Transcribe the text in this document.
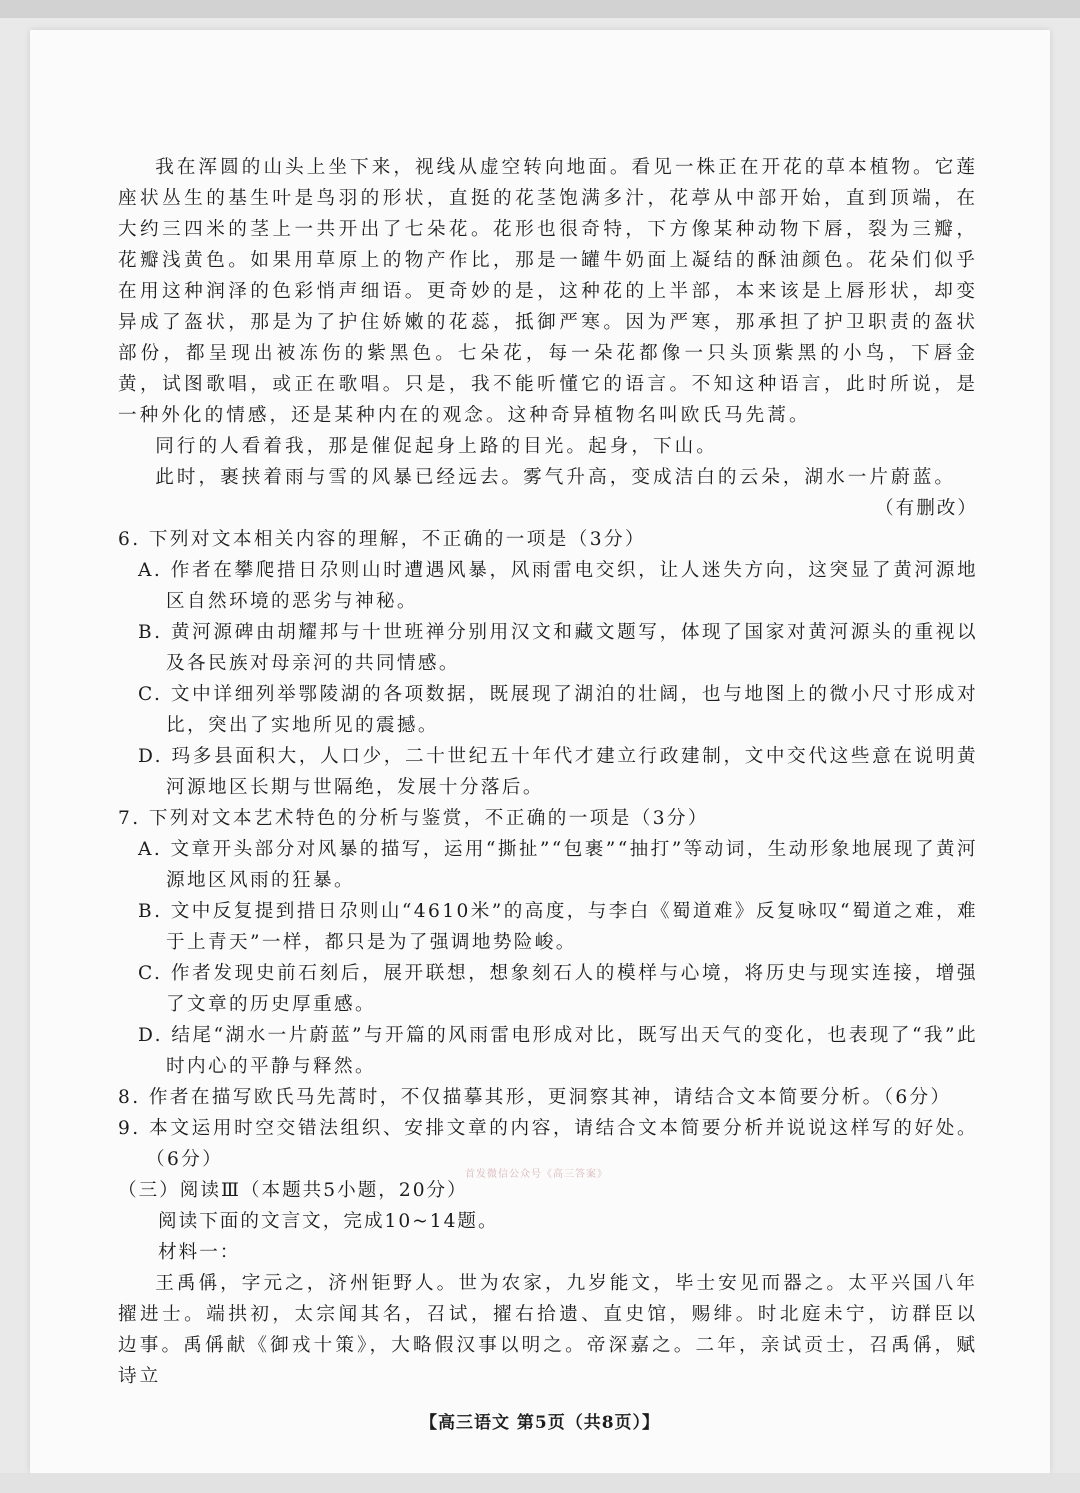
我在浑圆的山头上坐下来，视线从虚空转向地面。看见一株正在开花的草本植物。它莲座状丛生的基生叶是鸟羽的形状，直挺的花茎饱满多汁，花葶从中部开始，直到顶端，在大约三四米的茎上一共开出了七朵花。花形也很奇特，下方像某种动物下唇，裂为三瓣，花瓣浅黄色。如果用草原上的物产作比，那是一罐牛奶面上凝结的酥油颜色。花朵们似乎在用这种润泽的色彩悄声细语。更奇妙的是，这种花的上半部，本来该是上唇形状，却变异成了盔状，那是为了护住娇嫩的花蕊，抵御严寒。因为严寒，那承担了护卫职责的盔状部份，都呈现出被冻伤的紫黑色。七朵花，每一朵花都像一只头顶紫黑的小鸟，下唇金黄，试图歌唱，或正在歌唱。只是，我不能听懂它的语言。不知这种语言，此时所说，是一种外化的情感，还是某种内在的观念。这种奇异植物名叫欧氏马先蒿。

同行的人看着我，那是催促起身上路的目光。起身，下山。

此时，裹挟着雨与雪的风暴已经远去。雾气升高，变成洁白的云朵，湖水一片蔚蓝。

（有删改）

6. 下列对文本相关内容的理解，不正确的一项是（3分）

A. 作者在攀爬措日尕则山时遭遇风暴，风雨雷电交织，让人迷失方向，这突显了黄河源地区自然环境的恶劣与神秘。

B. 黄河源碑由胡耀邦与十世班禅分别用汉文和藏文题写，体现了国家对黄河源头的重视以及各民族对母亲河的共同情感。

C. 文中详细列举鄂陵湖的各项数据，既展现了湖泊的壮阔，也与地图上的微小尺寸形成对比，突出了实地所见的震撼。

D. 玛多县面积大，人口少，二十世纪五十年代才建立行政建制，文中交代这些意在说明黄河源地区长期与世隔绝，发展十分落后。

7. 下列对文本艺术特色的分析与鉴赏，不正确的一项是（3分）

A. 文章开头部分对风暴的描写，运用“撕扯”“包裹”“抽打”等动词，生动形象地展现了黄河源地区风雨的狂暴。

B. 文中反复提到措日尕则山“4610米”的高度，与李白《蜀道难》反复咏叹“蜀道之难，难于上青天”一样，都只是为了强调地势险峻。

C. 作者发现史前石刻后，展开联想，想象刻石人的模样与心境，将历史与现实连接，增强了文章的历史厚重感。

D. 结尾“湖水一片蔚蓝”与开篇的风雨雷电形成对比，既写出天气的变化，也表现了“我”此时内心的平静与释然。

8. 作者在描写欧氏马先蒿时，不仅描摹其形，更洞察其神，请结合文本简要分析。（6分）

9. 本文运用时空交错法组织、安排文章的内容，请结合文本简要分析并说说这样写的好处。（6分）

（三）阅读Ⅲ（本题共5小题，20分）

阅读下面的文言文，完成10~14题。

材料一：

王禹偁，字元之，济州钜野人。世为农家，九岁能文，毕士安见而器之。太平兴国八年擢进士。端拱初，太宗闻其名，召试，擢右拾遗、直史馆，赐绯。时北庭未宁，访群臣以边事。禹偁献《御戎十策》，大略假汉事以明之。帝深嘉之。二年，亲试贡士，召禹偁，赋诗立

首发微信公众号《高三答案》
【高三语文 第5页（共8页）】
